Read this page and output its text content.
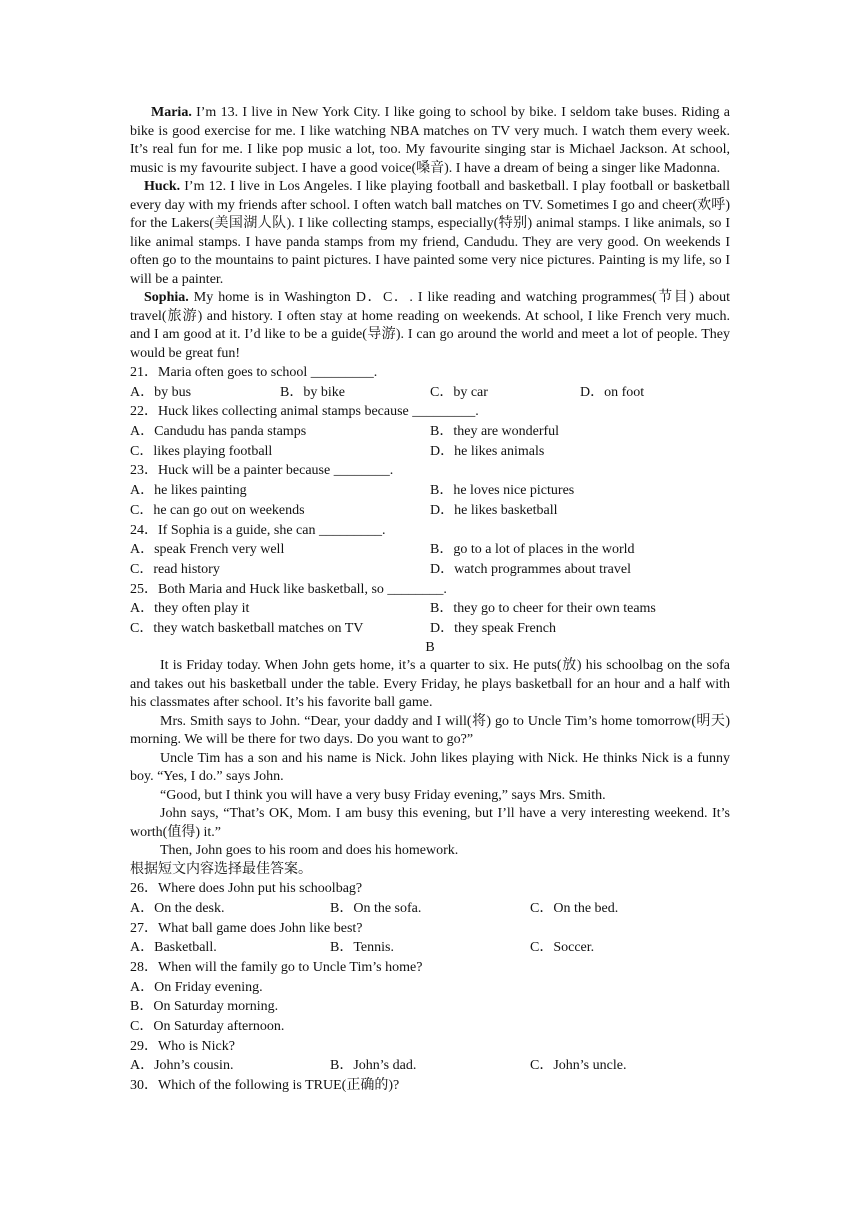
Maria. I’m 13. I live in New York City. I like going to school by bike. I seldom take buses. Riding a bike is good exercise for me. I like watching NBA matches on TV very much. I watch them every week. It’s real fun for me. I like pop music a lot, too. My favourite singing star is Michael Jackson. At school, music is my favourite subject. I have a good voice(嗓音). I have a dream of being a singer like Madonna.

Huck. I’m 12. I live in Los Angeles. I like playing football and basketball. I play football or basketball every day with my friends after school. I often watch ball matches on TV. Sometimes I go and cheer(欢呼) for the Lakers(美国湖人队). I like collecting stamps, especially(特别) animal stamps. I like animals, so I like animal stamps. I have panda stamps from my friend, Candudu. They are very good. On weekends I often go to the mountains to paint pictures. I have painted some very nice pictures. Painting is my life, so I will be a painter.

Sophia. My home is in Washington D．C．. I like reading and watching programmes(节目) about travel(旅游) and history. I often stay at home reading on weekends. At school, I like French very much. and I am good at it. I’d like to be a guide(导游). I can go around the world and meet a lot of people. They would be great fun!

21．Maria often goes to school _________.
A．by bus	B．by bike	C．by car	D．on foot
22．Huck likes collecting animal stamps because _________.
A．Candudu has panda stamps	B．they are wonderful
C．likes playing football	D．he likes animals
23．Huck will be a painter because ________.
A．he likes painting	B．he loves nice pictures
C．he can go out on weekends	D．he likes basketball
24．If Sophia is a guide, she can _________.
A．speak French very well	B．go to a lot of places in the world
C．read history	D．watch programmes about travel
25．Both Maria and Huck like basketball, so ________.
A．they often play it	B．they go to cheer for their own teams
C．they watch basketball matches on TV	D．they speak French
B

It is Friday today. When John gets home, it’s a quarter to six. He puts(放) his schoolbag on the sofa and takes out his basketball under the table. Every Friday, he plays basketball for an hour and a half with his classmates after school. It’s his favorite ball game.

Mrs. Smith says to John. “Dear, your daddy and I will(将) go to Uncle Tim’s home tomorrow(明天) morning. We will be there for two days. Do you want to go?”

Uncle Tim has a son and his name is Nick. John likes playing with Nick. He thinks Nick is a funny boy. “Yes, I do.” says John.

“Good, but I think you will have a very busy Friday evening,” says Mrs. Smith.

John says, “That’s OK, Mom. I am busy this evening, but I’ll have a very interesting weekend. It’s worth(值得) it.”

Then, John goes to his room and does his homework.

根据短文内容选择最佳答案。

26．Where does John put his schoolbag?
A．On the desk.	B．On the sofa.	C．On the bed.
27．What ball game does John like best?
A．Basketball.	B．Tennis.	C．Soccer.
28．When will the family go to Uncle Tim’s home?
A．On Friday evening.
B．On Saturday morning.
C．On Saturday afternoon.
29．Who is Nick?
A．John’s cousin.	B．John’s dad.	C．John’s uncle.
30．Which of the following is TRUE(正确的)?
